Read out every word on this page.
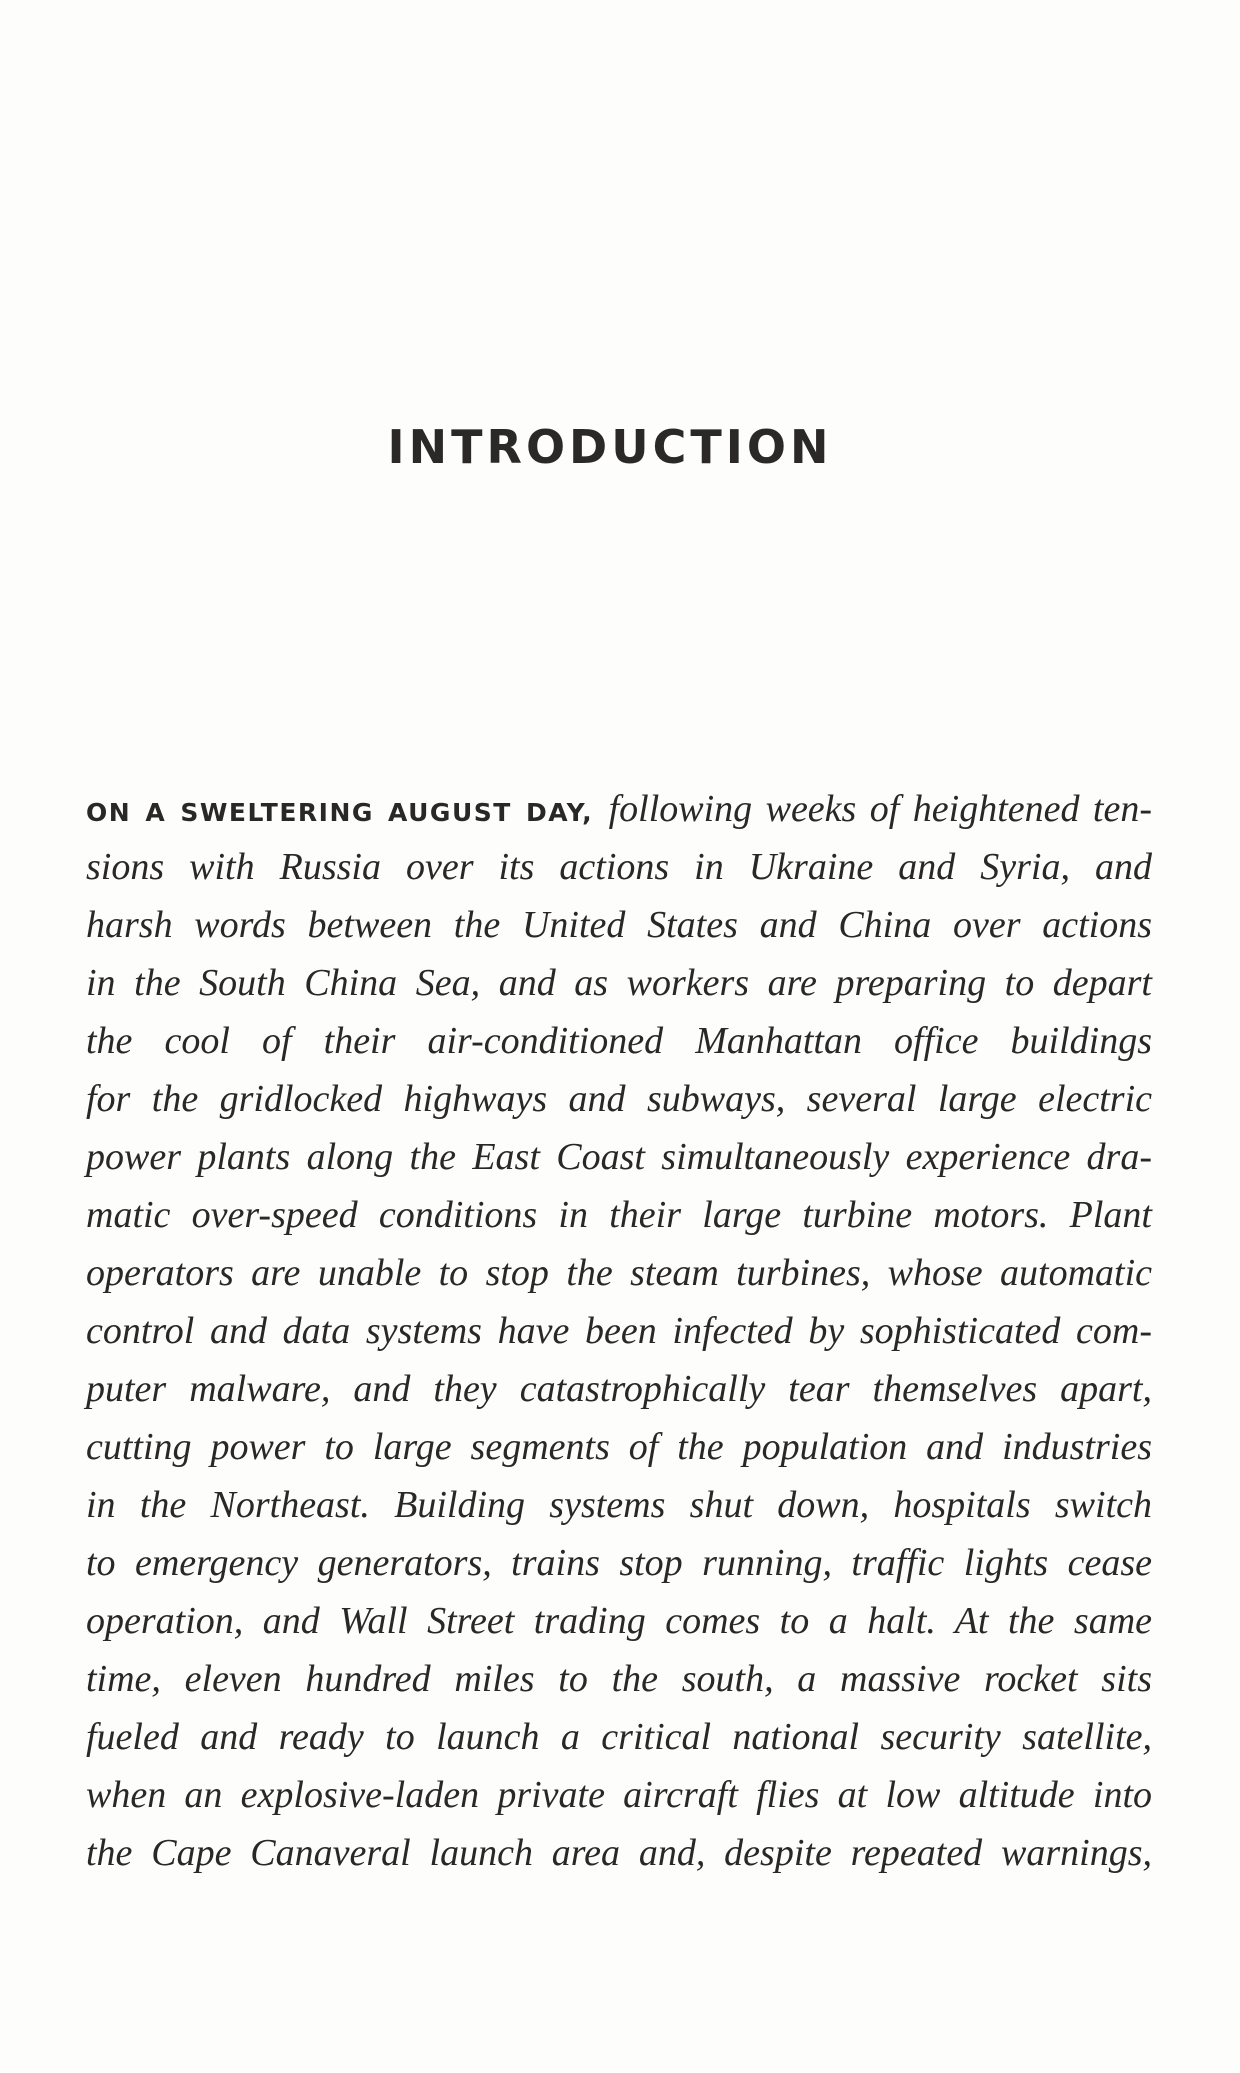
INTRODUCTION
ON A SWELTERING AUGUST DAY, following weeks of heightened ten-
sions with Russia over its actions in Ukraine and Syria, and
harsh words between the United States and China over actions
in the South China Sea, and as workers are preparing to depart
the cool of their air-conditioned Manhattan office buildings
for the gridlocked highways and subways, several large electric
power plants along the East Coast simultaneously experience dra-
matic over-speed conditions in their large turbine motors. Plant
operators are unable to stop the steam turbines, whose automatic
control and data systems have been infected by sophisticated com-
puter malware, and they catastrophically tear themselves apart,
cutting power to large segments of the population and industries
in the Northeast. Building systems shut down, hospitals switch
to emergency generators, trains stop running, traffic lights cease
operation, and Wall Street trading comes to a halt. At the same
time, eleven hundred miles to the south, a massive rocket sits
fueled and ready to launch a critical national security satellite,
when an explosive-laden private aircraft flies at low altitude into
the Cape Canaveral launch area and, despite repeated warnings,
